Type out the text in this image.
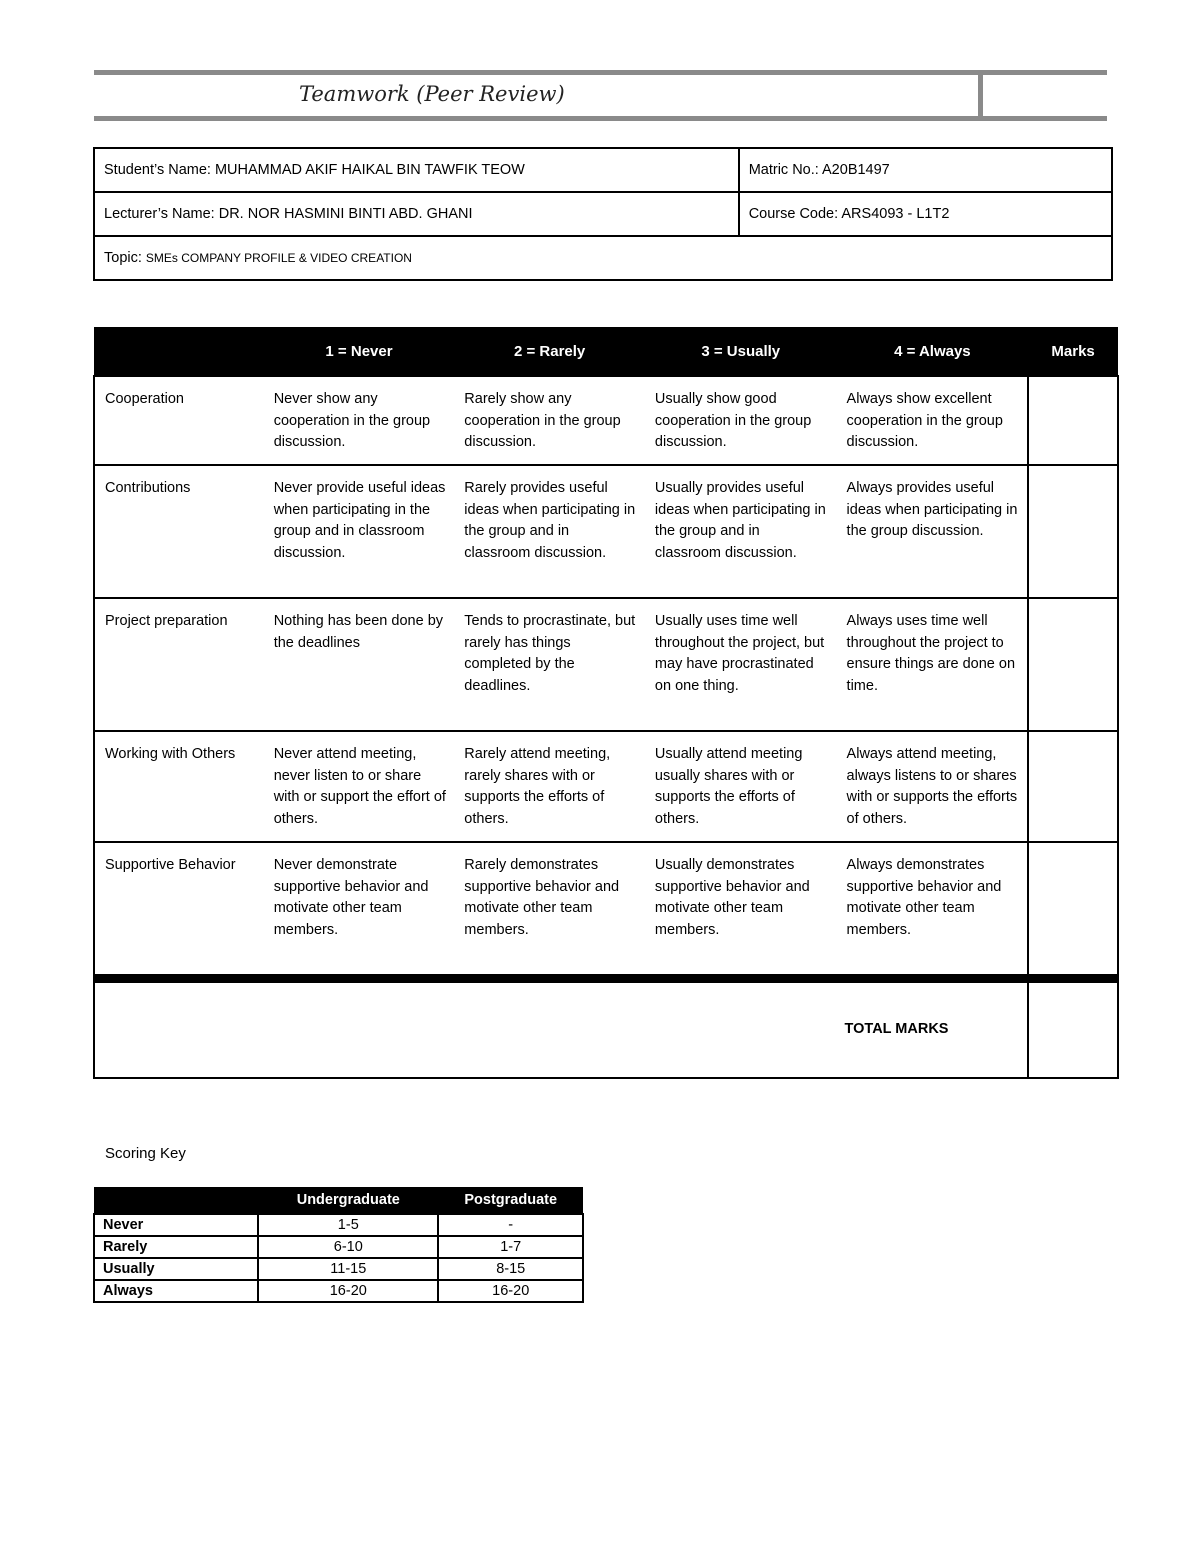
Teamwork (Peer Review)
Student’s Name: MUHAMMAD AKIF HAIKAL BIN TAWFIK TEOW	Matric No.: A20B1497
Lecturer’s Name: DR. NOR HASMINI BINTI ABD. GHANI	Course Code: ARS4093 - L1T2
Topic: SMEs COMPANY PROFILE & VIDEO CREATION	
	1 = Never	2 = Rarely	3 = Usually	4 = Always	Marks
Cooperation	Never show any cooperation in the group discussion.	Rarely show any cooperation in the group discussion.	Usually show good cooperation in the group discussion.	Always show excellent cooperation in the group discussion.	
Contributions	Never provide useful ideas when participating in the group and in classroom discussion.	Rarely provides useful ideas when participating in the group and in classroom discussion.	Usually provides useful ideas when participating in the group and in classroom discussion.	Always provides useful ideas when participating in the group discussion.	
Project preparation	Nothing has been done by the deadlines	Tends to procrastinate, but rarely has things completed by the deadlines.	Usually uses time well throughout the project, but may have procrastinated on one thing.	Always uses time well throughout the project to ensure things are done on time.	
Working with Others	Never attend meeting, never listen to or share with or support the effort of others.	Rarely attend meeting, rarely shares with or supports the efforts of others.	Usually attend meeting usually shares with or supports the efforts of others.	Always attend meeting, always listens to or shares with or supports the efforts of others.	
Supportive Behavior	Never demonstrate supportive behavior and motivate other team members.	Rarely demonstrates supportive behavior and motivate other team members.	Usually demonstrates supportive behavior and motivate other team members.	Always demonstrates supportive behavior and motivate other team members.	
				TOTAL MARKS	
Scoring Key
	Undergraduate	Postgraduate
Never	1-5	-
Rarely	6-10	1-7
Usually	11-15	8-15
Always	16-20	16-20
